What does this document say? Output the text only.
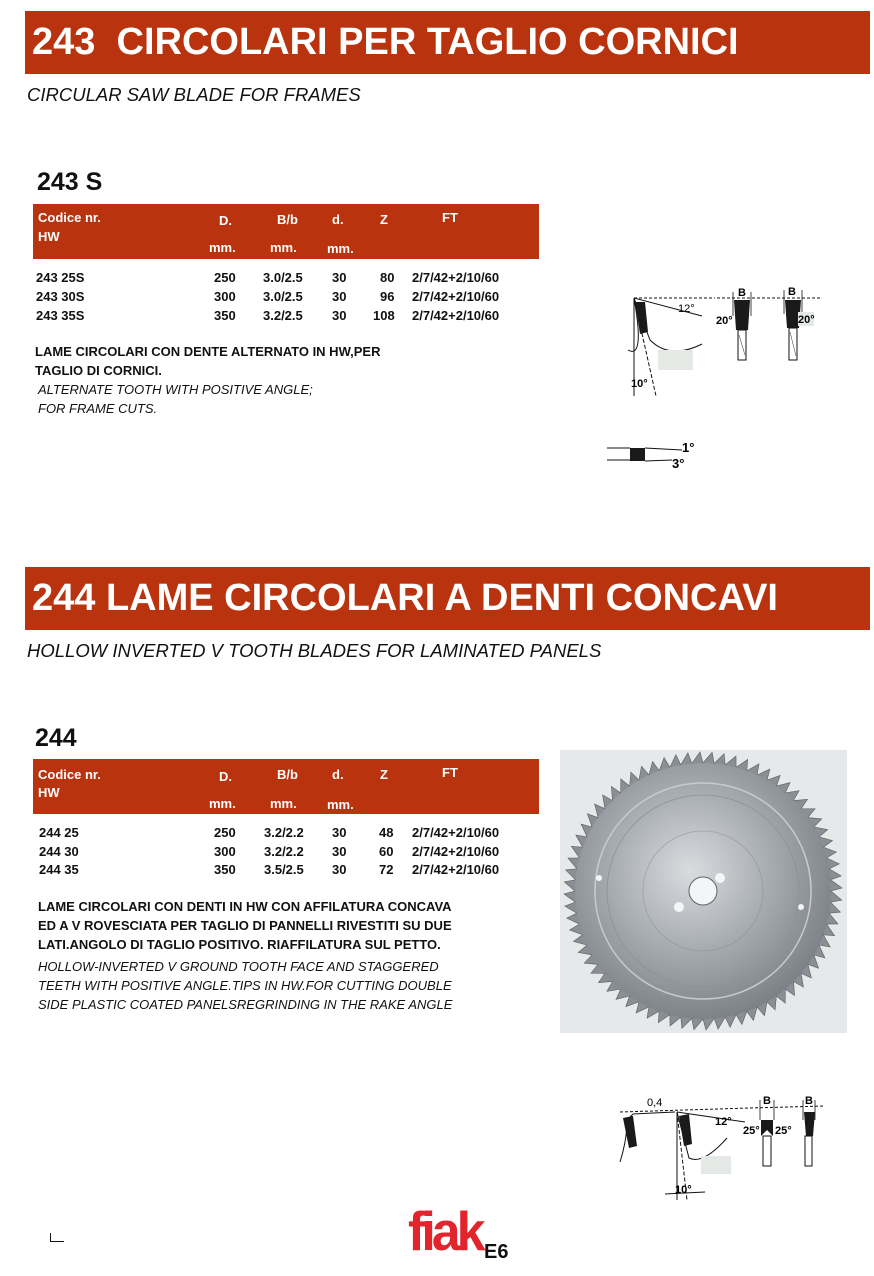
243  CIRCOLARI PER TAGLIO CORNICI
CIRCULAR SAW BLADE FOR FRAMES
243 S
Codice nr.
HW
D.	B/b	d.	Z	FT
mm.	mm. mm.
243 25S	250 3.0/2.5 30	80 2/7/42+2/10/60
243 30S	300 3.0/2.5 30	96 2/7/42+2/10/60
243 35S	350 3.2/2.5 30 108 2/7/42+2/10/60
LAME CIRCOLARI CON DENTE ALTERNATO IN HW,PER
TAGLIO DI CORNICI.
ALTERNATE TOOTH WITH POSITIVE ANGLE;
FOR FRAME CUTS.
12°
10°
20°	20°
B	B
1°
3°
244 LAME CIRCOLARI A DENTI CONCAVI
HOLLOW INVERTED V TOOTH BLADES FOR LAMINATED PANELS
244
Codice nr.
HW
D.	B/b	d.	Z	FT
mm.	mm. mm.
244 25	250 3.2/2.2 30	48 2/7/42+2/10/60
244 30	300 3.2/2.2 30	60 2/7/42+2/10/60
244 35	350 3.5/2.5 30	72 2/7/42+2/10/60
LAME CIRCOLARI CON DENTI IN HW CON AFFILATURA CONCAVA
ED A V ROVESCIATA PER TAGLIO DI PANNELLI RIVESTITI SU DUE
LATI.ANGOLO DI TAGLIO POSITIVO. RIAFFILATURA SUL PETTO.
HOLLOW-INVERTED V GROUND TOOTH FACE AND STAGGERED
TEETH WITH POSITIVE ANGLE.TIPS IN HW.FOR CUTTING DOUBLE
SIDE PLASTIC COATED PANELSREGRINDING IN THE RAKE ANGLE
0,4
12°
10°
25° 25°
B	B
fiak E6
